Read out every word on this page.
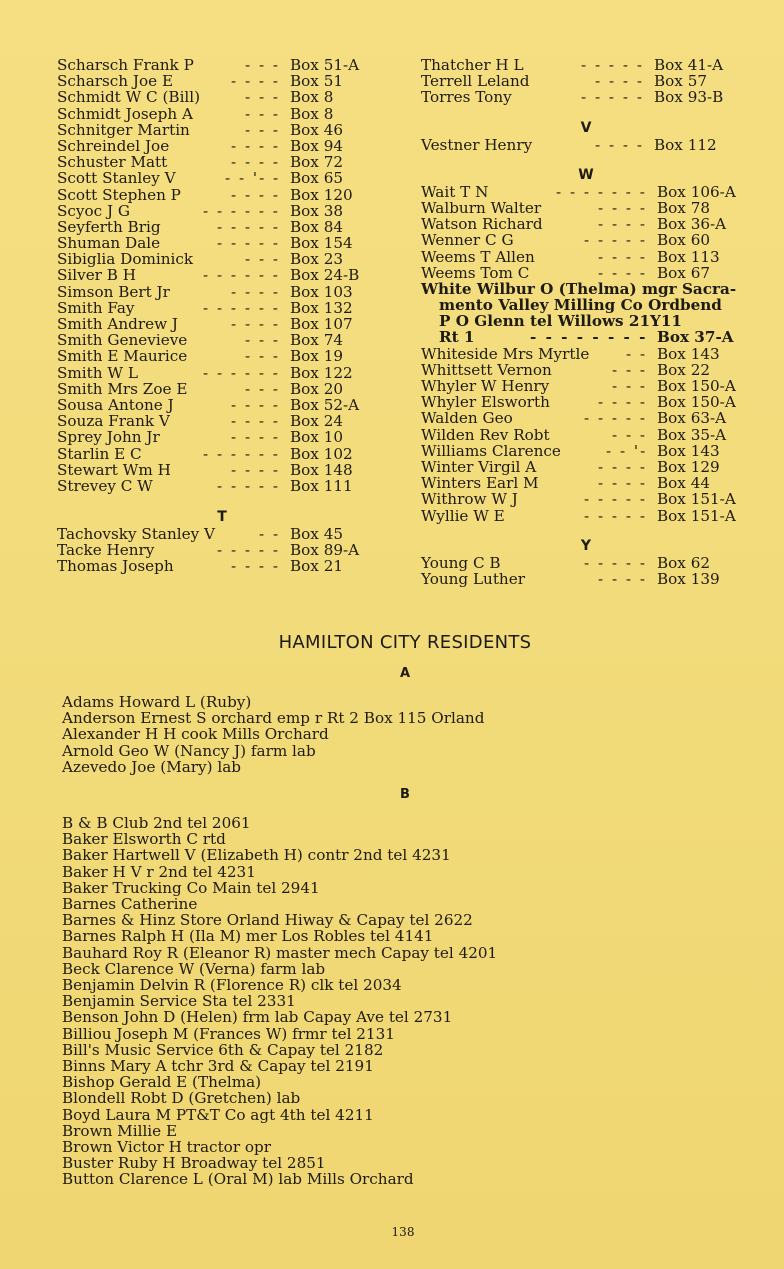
Scharsch Frank P	- - - Box 51-A
Scharsch Joe E	- - - - Box 51
Schmidt W C (Bill)	- - - Box 8
Schmidt Joseph A	- - - Box 8
Schnitger Martin	- - - Box 46
Schreindel Joe	- - - - Box 94
Schuster Matt	- - - - Box 72
Scott Stanley V	- - '- - Box 65
Scott Stephen P	- - - - Box 120
Scyoc J G	- - - - - - Box 38
Seyferth Brig	- - - - - Box 84
Shuman Dale	- - - - - Box 154
Sibiglia Dominick	- - - Box 23
Silver B H	- - - - - - Box 24-B
Simson Bert Jr	- - - - Box 103
Smith Fay	- - - - - - Box 132
Smith Andrew J	- - - - Box 107
Smith Genevieve	- - - Box 74
Smith E Maurice	- - - Box 19
Smith W L	- - - - - - Box 122
Smith Mrs Zoe E	- - - Box 20
Sousa Antone J	- - - - Box 52-A
Souza Frank V	- - - - Box 24
Sprey John Jr	- - - - Box 10
Starlin E C	- - - - - - Box 102
Stewart Wm H	- - - - Box 148
Strevey C W	- - - - - Box 111
T
Tachovsky Stanley V	- - Box 45
Tacke Henry	- - - - - Box 89-A
Thomas Joseph	- - - - Box 21
Thatcher H L	- - - - - Box 41-A
Terrell Leland	- - - - Box 57
Torres Tony	- - - - - Box 93-B
V
Vestner Henry	- - - - Box 112
W
Wait T N	- - - - - - - Box 106-A
Walburn Walter	- - - - Box 78
Watson Richard	- - - - Box 36-A
Wenner C G	- - - - - Box 60
Weems T Allen	- - - - Box 113
Weems Tom C	- - - - Box 67
White Wilbur O (Thelma) mgr Sacra-
mento Valley Milling Co Ordbend
P O Glenn tel Willows 21Y11
Rt 1	- - - - - - - - Box 37-A
Whiteside Mrs Myrtle - - Box 143
Whittsett Vernon	- - - Box 22
Whyler W Henry	- - - Box 150-A
Whyler Elsworth	- - - - Box 150-A
Walden Geo	- - - - - Box 63-A
Wilden Rev Robt	- - - Box 35-A
Williams Clarence	- - '- Box 143
Winter Virgil A	- - - - Box 129
Winters Earl M	- - - - Box 44
Withrow W J	- - - - - Box 151-A
Wyllie W E	- - - - - Box 151-A
Y
Young C B	- - - - - Box 62
Young Luther	- - - - Box 139
HAMILTON CITY RESIDENTS
A
Adams Howard L (Ruby)
Anderson Ernest S orchard emp r Rt 2 Box 115 Orland
Alexander H H cook Mills Orchard
Arnold Geo W (Nancy J) farm lab
Azevedo Joe (Mary) lab
B
B & B Club 2nd tel 2061
Baker Elsworth C rtd
Baker Hartwell V (Elizabeth H) contr 2nd tel 4231
Baker H V r 2nd tel 4231
Baker Trucking Co Main tel 2941
Barnes Catherine
Barnes & Hinz Store Orland Hiway & Capay tel 2622
Barnes Ralph H (Ila M) mer Los Robles tel 4141
Bauhard Roy R (Eleanor R) master mech Capay tel 4201
Beck Clarence W (Verna) farm lab
Benjamin Delvin R (Florence R) clk tel 2034
Benjamin Service Sta tel 2331
Benson John D (Helen) frm lab Capay Ave tel 2731
Billiou Joseph M (Frances W) frmr tel 2131
Bill's Music Service 6th & Capay tel 2182
Binns Mary A tchr 3rd & Capay tel 2191
Bishop Gerald E (Thelma)
Blondell Robt D (Gretchen) lab
Boyd Laura M PT&T Co agt 4th tel 4211
Brown Millie E
Brown Victor H tractor opr
Buster Ruby H Broadway tel 2851
Button Clarence L (Oral M) lab Mills Orchard
138
